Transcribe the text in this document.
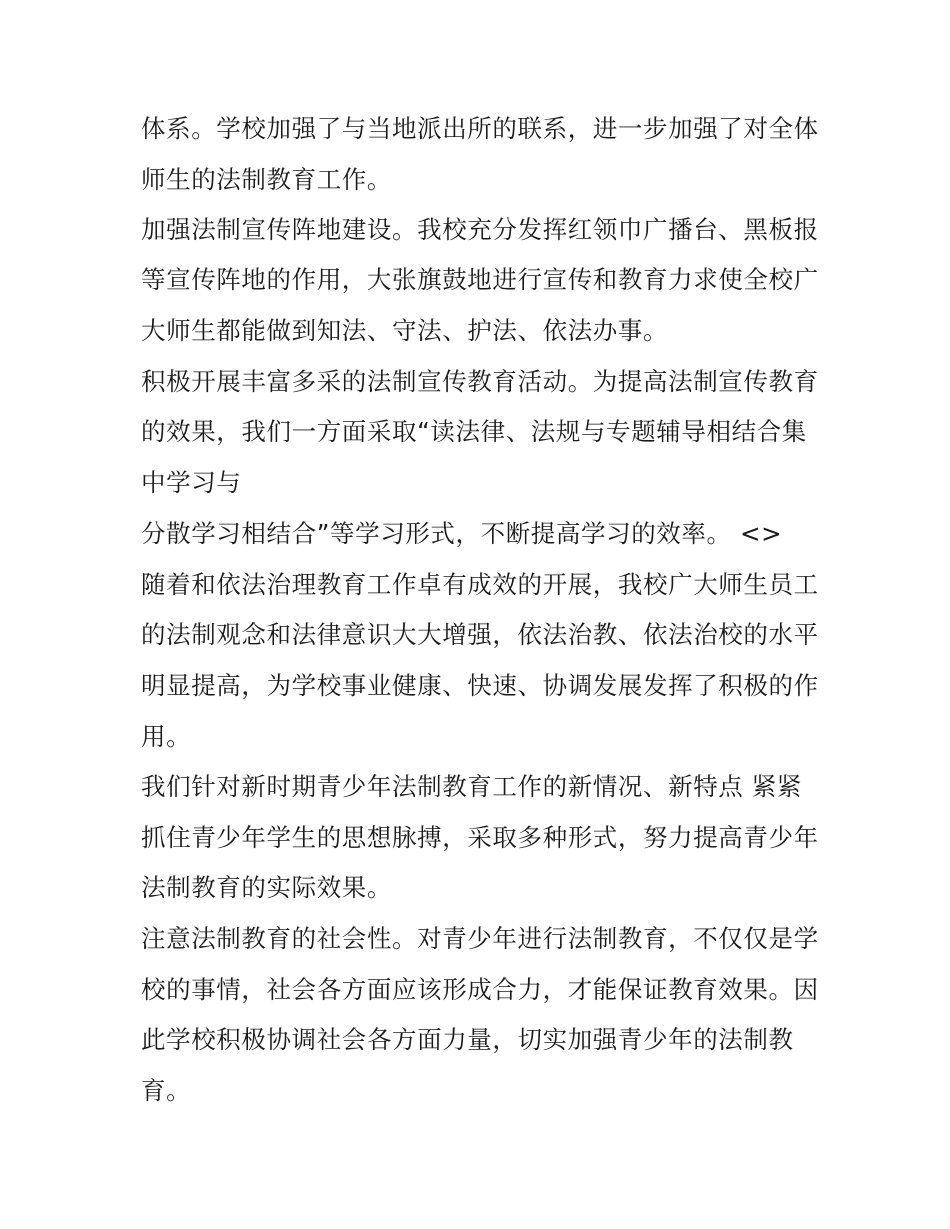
体系。学校加强了与当地派出所的联系，进一步加强了对全体
师生的法制教育工作。
加强法制宣传阵地建设。我校充分发挥红领巾广播台、黑板报
等宣传阵地的作用，大张旗鼓地进行宣传和教育力求使全校广
大师生都能做到知法、守法、护法、依法办事。
积极开展丰富多采的法制宣传教育活动。为提高法制宣传教育
的效果，我们一方面采取“读法律、法规与专题辅导相结合集
中学习与
分散学习相结合”等学习形式，不断提高学习的效率。 <>
随着和依法治理教育工作卓有成效的开展，我校广大师生员工
的法制观念和法律意识大大增强，依法治教、依法治校的水平
明显提高，为学校事业健康、快速、协调发展发挥了积极的作
用。
我们针对新时期青少年法制教育工作的新情况、新特点 紧紧
抓住青少年学生的思想脉搏，采取多种形式，努力提高青少年
法制教育的实际效果。
注意法制教育的社会性。对青少年进行法制教育，不仅仅是学
校的事情，社会各方面应该形成合力，才能保证教育效果。因
此学校积极协调社会各方面力量，切实加强青少年的法制教
育。
